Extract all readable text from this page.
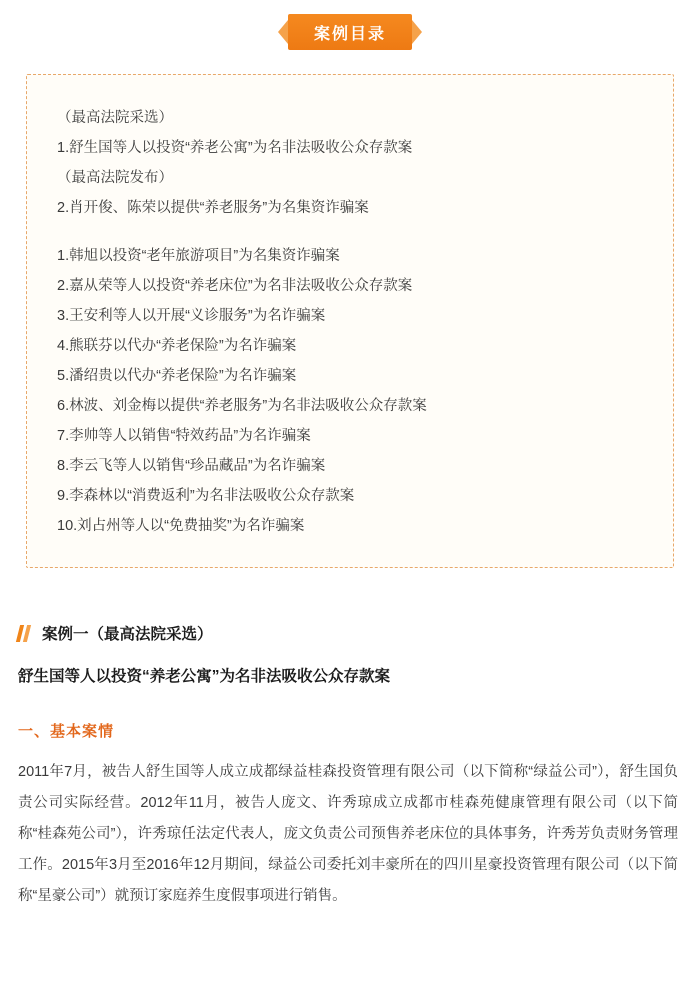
案例目录
（最高法院采选）
1.舒生国等人以投资“养老公寓”为名非法吸收公众存款案
（最高法院发布）
2.肖开俊、陈荣以提供“养老服务”为名集资诈骗案
1.韩旭以投资“老年旅游项目”为名集资诈骗案
2.嘉从荣等人以投资“养老床位”为名非法吸收公众存款案
3.王安利等人以开展“义诊服务”为名诈骗案
4.熊联芬以代办“养老保险”为名诈骗案
5.潘绍贵以代办“养老保险”为名诈骗案
6.林波、刘金梅以提供“养老服务”为名非法吸收公众存款案
7.李帅等人以销售“特效药品”为名诈骗案
8.李云飞等人以销售“珍品藏品”为名诈骗案
9.李森林以“消费返利”为名非法吸收公众存款案
10.刘占州等人以“免费抽奖”为名诈骗案
案例一（最高法院采选）
舒生国等人以投资“养老公寓”为名非法吸收公众存款案
一、基本案情
2011年7月，被告人舒生国等人成立成都绿益桂森投资管理有限公司（以下简称“绿益公司”），舒生国负责公司实际经营。2012年11月，被告人庞文、许秀琼成立成都市桂森苑健康管理有限公司（以下简称“桂森苑公司”），许秀琼任法定代表人，庞文负责公司预售养老床位的具体事务，许秀芳负责财务管理工作。2015年3月至2016年12月期间，绿益公司委托刘丰豪所在的四川星豪投资管理有限公司（以下简称“星豪公司”）就预订家庭养生度假事项进行销售。
